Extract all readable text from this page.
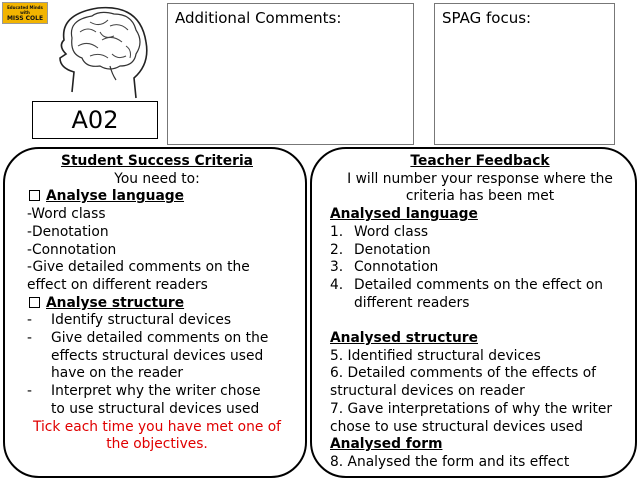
Educated Minds
with
MISS COLE
A02
Additional Comments:	SPAG focus:
Student Success Criteria
You need to:
Analyse language
-Word class
-Denotation
-Connotation
-Give detailed comments on the
effect on different readers
Analyse structure
- Identify structural devices
- Give detailed comments on the
effects structural devices used
have on the reader
- Interpret why the writer chose
to use structural devices used
Tick each time you have met one of
the objectives.
Teacher Feedback
I will number your response where the
criteria has been met
Analysed language
1. Word class
2. Denotation
3. Connotation
4. Detailed comments on the effect on
different readers
Analysed structure
5. Identified structural devices
6. Detailed comments of the effects of
structural devices on reader
7. Gave interpretations of why the writer
chose to use structural devices used
Analysed form
8. Analysed the form and its effect
